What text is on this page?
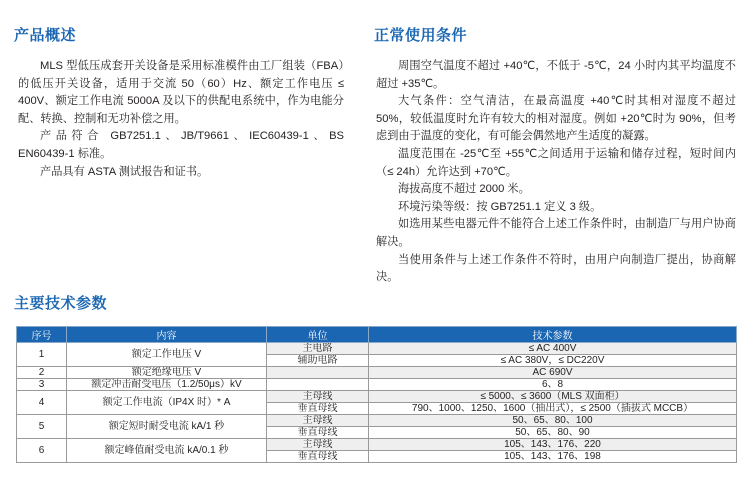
产品概述

MLS 型低压成套开关设备是采用标准模件由工厂组装（FBA）的低压开关设备，适用于交流 50（60）Hz、额定工作电压 ≤ 400V、额定工作电流 5000A 及以下的供配电系统中，作为电能分配、转换、控制和无功补偿之用。

产品符合 GB7251.1、JB/T9661、IEC60439-1、BS EN60439-1 标准。

产品具有 ASTA 测试报告和证书。

正常使用条件

周围空气温度不超过 +40℃，不低于 -5℃，24 小时内其平均温度不超过 +35℃。

大气条件：空气清洁，在最高温度 +40℃时其相对湿度不超过 50%，较低温度时允许有较大的相对湿度。例如 +20℃时为 90%，但考虑到由于温度的变化，有可能会偶然地产生适度的凝露。

温度范围在 -25℃至 +55℃之间适用于运输和储存过程，短时间内（≤ 24h）允许达到 +70℃。

海拔高度不超过 2000 米。

环境污染等级：按 GB7251.1 定义 3 级。

如选用某些电器元件不能符合上述工作条件时，由制造厂与用户协商解决。

当使用条件与上述工作条件不符时，由用户向制造厂提出，协商解决。

主要技术参数
序号	内容	单位	技术参数
1	额定工作电压 V	主电路	≤ AC 400V
		辅助电路	≤ AC 380V，≤ DC220V
2	额定绝缘电压 V		AC 690V
3	额定冲击耐受电压（1.2/50μs）kV		6、8
4	额定工作电流（IP4X 时）* A	主母线	≤ 5000、≤ 3600（MLS 双面柜）
		垂直母线	790、1000、1250、1600（抽出式），≤ 2500（插拔式 MCCB）
5	额定短时耐受电流 kA/1 秒	主母线	50、65、80、100
		垂直母线	50、65、80、90
6	额定峰值耐受电流 kA/0.1 秒	主母线	105、143、176、220
		垂直母线	105、143、176、198
